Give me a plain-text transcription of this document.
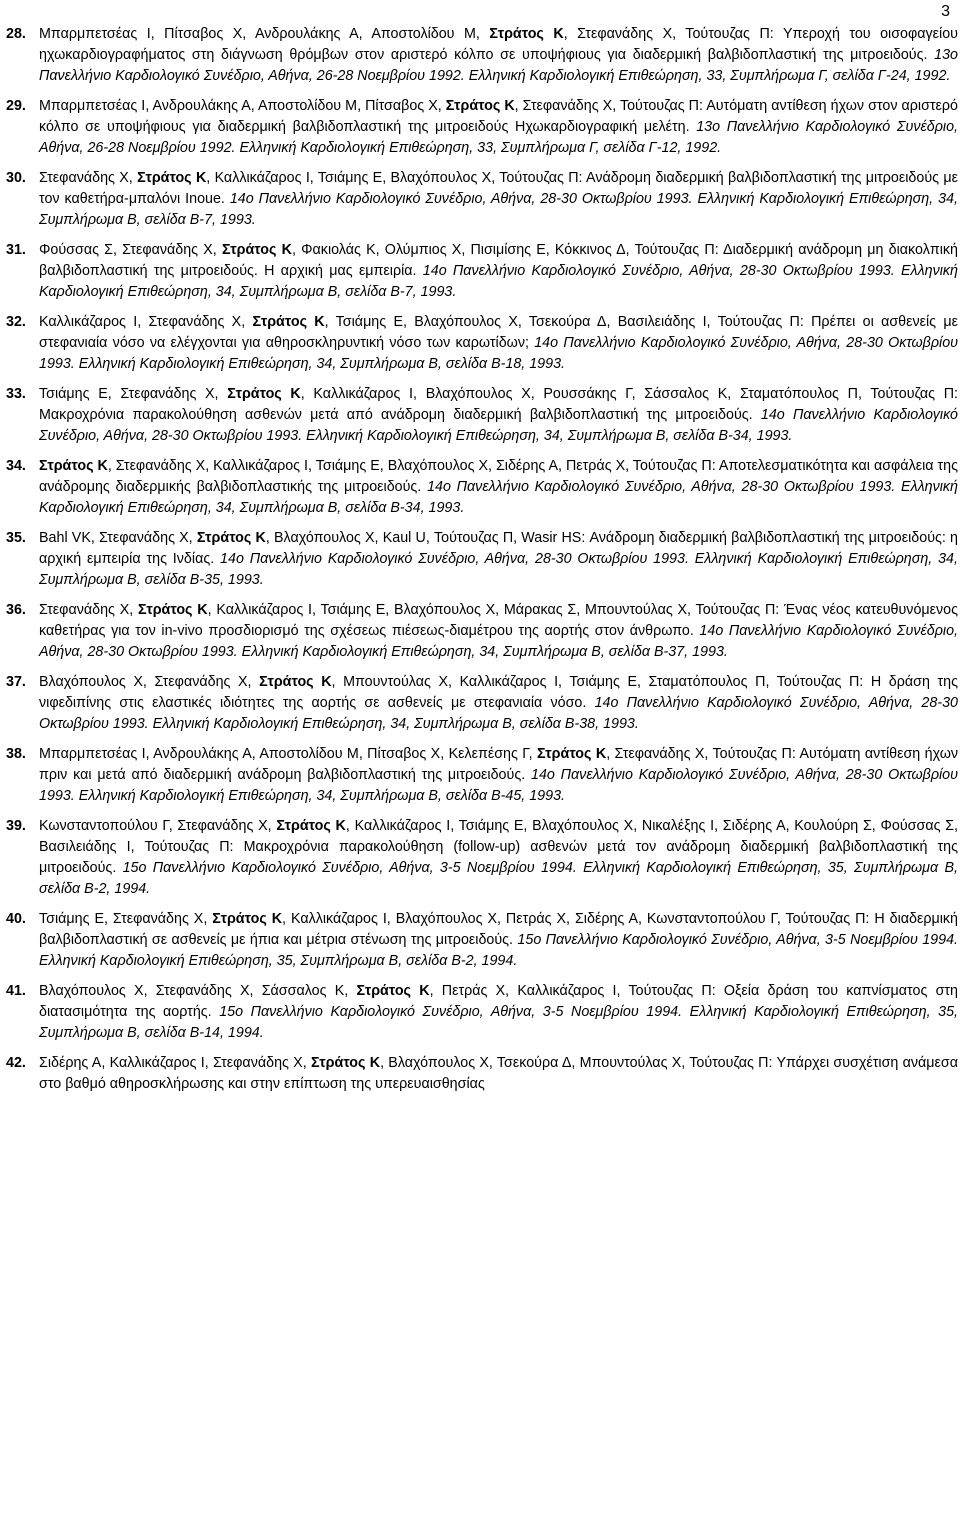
3
28. Μπαρμπετσέας Ι, Πίτσαβος Χ, Ανδρουλάκης Α, Αποστολίδου Μ, Στράτος Κ, Στεφανάδης Χ, Τούτουζας Π: Υπεροχή του οισοφαγείου ηχωκαρδιογραφήματος στη διάγνωση θρόμβων στον αριστερό κόλπο σε υποψήφιους για διαδερμική βαλβιδοπλαστική της μιτροειδούς. 13ο Πανελλήνιο Καρδιολογικό Συνέδριο, Αθήνα, 26-28 Νοεμβρίου 1992. Ελληνική Καρδιολογική Επιθεώρηση, 33, Συμπλήρωμα Γ, σελίδα Γ-24, 1992.
29. Μπαρμπετσέας Ι, Ανδρουλάκης Α, Αποστολίδου Μ, Πίτσαβος Χ, Στράτος Κ, Στεφανάδης Χ, Τούτουζας Π: Αυτόματη αντίθεση ήχων στον αριστερό κόλπο σε υποψήφιους για διαδερμική βαλβιδοπλαστική της μιτροειδούς Ηχωκαρδιογραφική μελέτη. 13ο Πανελλήνιο Καρδιολογικό Συνέδριο, Αθήνα, 26-28 Νοεμβρίου 1992. Ελληνική Καρδιολογική Επιθεώρηση, 33, Συμπλήρωμα Γ, σελίδα Γ-12, 1992.
30. Στεφανάδης Χ, Στράτος Κ, Καλλικάζαρος Ι, Τσιάμης Ε, Βλαχόπουλος Χ, Τούτουζας Π: Ανάδρομη διαδερμική βαλβιδοπλαστική της μιτροειδούς με τον καθετήρα-μπαλόνι Inoue. 14ο Πανελλήνιο Καρδιολογικό Συνέδριο, Αθήνα, 28-30 Οκτωβρίου 1993. Ελληνική Καρδιολογική Επιθεώρηση, 34, Συμπλήρωμα Β, σελίδα Β-7, 1993.
31. Φούσσας Σ, Στεφανάδης Χ, Στράτος Κ, Φακιολάς Κ, Ολύμπιος Χ, Πισιμίσης Ε, Κόκκινος Δ, Τούτουζας Π: Διαδερμική ανάδρομη μη διακολπική βαλβιδοπλαστική της μιτροειδούς. Η αρχική μας εμπειρία. 14ο Πανελλήνιο Καρδιολογικό Συνέδριο, Αθήνα, 28-30 Οκτωβρίου 1993. Ελληνική Καρδιολογική Επιθεώρηση, 34, Συμπλήρωμα Β, σελίδα Β-7, 1993.
32. Καλλικάζαρος Ι, Στεφανάδης Χ, Στράτος Κ, Τσιάμης Ε, Βλαχόπουλος Χ, Τσεκούρα Δ, Βασιλειάδης Ι, Τούτουζας Π: Πρέπει οι ασθενείς με στεφανιαία νόσο να ελέγχονται για αθηροσκληρυντική νόσο των καρωτίδων; 14ο Πανελλήνιο Καρδιολογικό Συνέδριο, Αθήνα, 28-30 Οκτωβρίου 1993. Ελληνική Καρδιολογική Επιθεώρηση, 34, Συμπλήρωμα Β, σελίδα Β-18, 1993.
33. Τσιάμης Ε, Στεφανάδης Χ, Στράτος Κ, Καλλικάζαρος Ι, Βλαχόπουλος Χ, Ρουσσάκης Γ, Σάσσαλος Κ, Σταματόπουλος Π, Τούτουζας Π: Μακροχρόνια παρακολούθηση ασθενών μετά από ανάδρομη διαδερμική βαλβιδοπλαστική της μιτροειδούς. 14ο Πανελλήνιο Καρδιολογικό Συνέδριο, Αθήνα, 28-30 Οκτωβρίου 1993. Ελληνική Καρδιολογική Επιθεώρηση, 34, Συμπλήρωμα Β, σελίδα Β-34, 1993.
34. Στράτος Κ, Στεφανάδης Χ, Καλλικάζαρος Ι, Τσιάμης Ε, Βλαχόπουλος Χ, Σιδέρης Α, Πετράς Χ, Τούτουζας Π: Αποτελεσματικότητα και ασφάλεια της ανάδρομης διαδερμικής βαλβιδοπλαστικής της μιτροειδούς. 14ο Πανελλήνιο Καρδιολογικό Συνέδριο, Αθήνα, 28-30 Οκτωβρίου 1993. Ελληνική Καρδιολογική Επιθεώρηση, 34, Συμπλήρωμα Β, σελίδα Β-34, 1993.
35. Bahl VK, Στεφανάδης Χ, Στράτος Κ, Βλαχόπουλος Χ, Kaul U, Τούτουζας Π, Wasir HS: Ανάδρομη διαδερμική βαλβιδοπλαστική της μιτροειδούς: η αρχική εμπειρία της Ινδίας. 14ο Πανελλήνιο Καρδιολογικό Συνέδριο, Αθήνα, 28-30 Οκτωβρίου 1993. Ελληνική Καρδιολογική Επιθεώρηση, 34, Συμπλήρωμα Β, σελίδα Β-35, 1993.
36. Στεφανάδης Χ, Στράτος Κ, Καλλικάζαρος Ι, Τσιάμης Ε, Βλαχόπουλος Χ, Μάρακας Σ, Μπουντούλας Χ, Τούτουζας Π: Ένας νέος κατευθυνόμενος καθετήρας για τον in-vivo προσδιορισμό της σχέσεως πιέσεως-διαμέτρου της αορτής στον άνθρωπο. 14ο Πανελλήνιο Καρδιολογικό Συνέδριο, Αθήνα, 28-30 Οκτωβρίου 1993. Ελληνική Καρδιολογική Επιθεώρηση, 34, Συμπλήρωμα Β, σελίδα Β-37, 1993.
37. Βλαχόπουλος Χ, Στεφανάδης Χ, Στράτος Κ, Μπουντούλας Χ, Καλλικάζαρος Ι, Τσιάμης Ε, Σταματόπουλος Π, Τούτουζας Π: Η δράση της νιφεδιπίνης στις ελαστικές ιδιότητες της αορτής σε ασθενείς με στεφανιαία νόσο. 14ο Πανελλήνιο Καρδιολογικό Συνέδριο, Αθήνα, 28-30 Οκτωβρίου 1993. Ελληνική Καρδιολογική Επιθεώρηση, 34, Συμπλήρωμα Β, σελίδα Β-38, 1993.
38. Μπαρμπετσέας Ι, Ανδρουλάκης Α, Αποστολίδου Μ, Πίτσαβος Χ, Κελεπέσης Γ, Στράτος Κ, Στεφανάδης Χ, Τούτουζας Π: Αυτόματη αντίθεση ήχων πριν και μετά από διαδερμική ανάδρομη βαλβιδοπλαστική της μιτροειδούς. 14ο Πανελλήνιο Καρδιολογικό Συνέδριο, Αθήνα, 28-30 Οκτωβρίου 1993. Ελληνική Καρδιολογική Επιθεώρηση, 34, Συμπλήρωμα Β, σελίδα Β-45, 1993.
39. Κωνσταντοπούλου Γ, Στεφανάδης Χ, Στράτος Κ, Καλλικάζαρος Ι, Τσιάμης Ε, Βλαχόπουλος Χ, Νικαλέξης Ι, Σιδέρης Α, Κουλούρη Σ, Φούσσας Σ, Βασιλειάδης Ι, Τούτουζας Π: Μακροχρόνια παρακολούθηση (follow-up) ασθενών μετά τον ανάδρομη διαδερμική βαλβιδοπλαστική της μιτροειδούς. 15ο Πανελλήνιο Καρδιολογικό Συνέδριο, Αθήνα, 3-5 Νοεμβρίου 1994. Ελληνική Καρδιολογική Επιθεώρηση, 35, Συμπλήρωμα Β, σελίδα Β-2, 1994.
40. Τσιάμης Ε, Στεφανάδης Χ, Στράτος Κ, Καλλικάζαρος Ι, Βλαχόπουλος Χ, Πετράς Χ, Σιδέρης Α, Κωνσταντοπούλου Γ, Τούτουζας Π: Η διαδερμική βαλβιδοπλαστική σε ασθενείς με ήπια και μέτρια στένωση της μιτροειδούς. 15ο Πανελλήνιο Καρδιολογικό Συνέδριο, Αθήνα, 3-5 Νοεμβρίου 1994. Ελληνική Καρδιολογική Επιθεώρηση, 35, Συμπλήρωμα Β, σελίδα Β-2, 1994.
41. Βλαχόπουλος Χ, Στεφανάδης Χ, Σάσσαλος Κ, Στράτος Κ, Πετράς Χ, Καλλικάζαρος Ι, Τούτουζας Π: Οξεία δράση του καπνίσματος στη διατασιμότητα της αορτής. 15ο Πανελλήνιο Καρδιολογικό Συνέδριο, Αθήνα, 3-5 Νοεμβρίου 1994. Ελληνική Καρδιολογική Επιθεώρηση, 35, Συμπλήρωμα Β, σελίδα Β-14, 1994.
42. Σιδέρης Α, Καλλικάζαρος Ι, Στεφανάδης Χ, Στράτος Κ, Βλαχόπουλος Χ, Τσεκούρα Δ, Μπουντούλας Χ, Τούτουζας Π: Υπάρχει συσχέτιση ανάμεσα στο βαθμό αθηροσκλήρωσης και στην επίπτωση της υπερευαισθησίας
